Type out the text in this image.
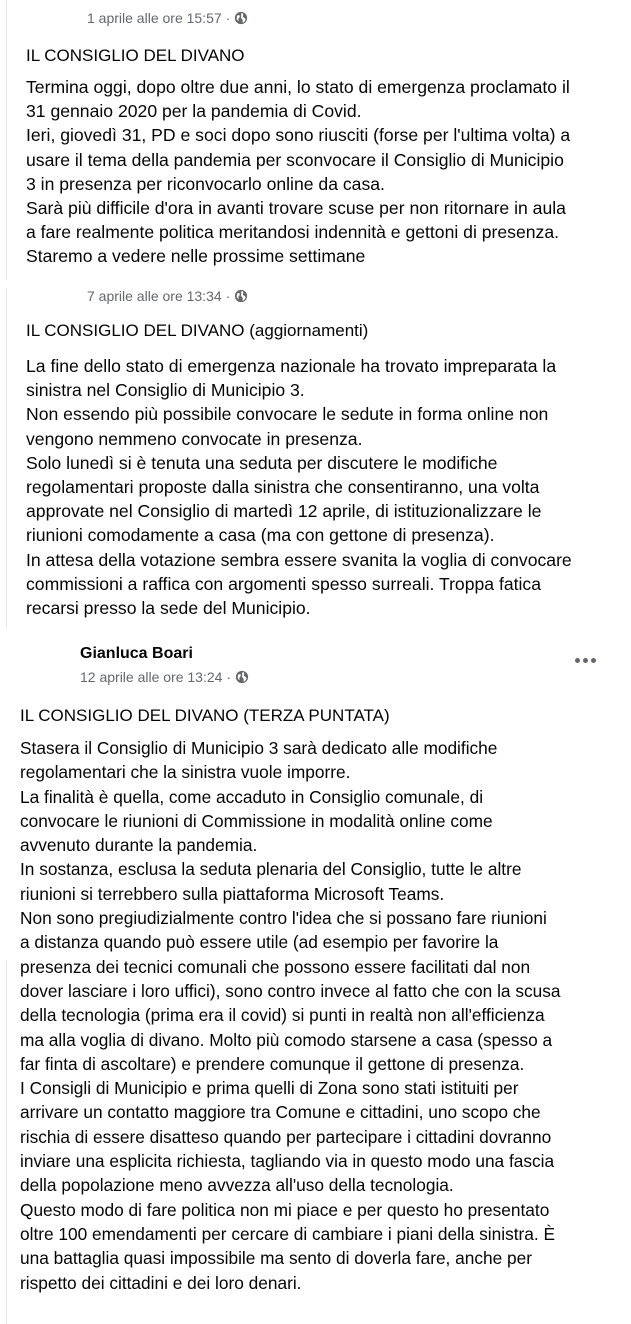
1 aprile alle ore 15:57 ·
IL CONSIGLIO DEL DIVANO
Termina oggi, dopo oltre due anni, lo stato di emergenza proclamato il
31 gennaio 2020 per la pandemia di Covid.
Ieri, giovedì 31, PD e soci dopo sono riusciti (forse per l'ultima volta) a
usare il tema della pandemia per sconvocare il Consiglio di Municipio
3 in presenza per riconvocarlo online da casa.
Sarà più difficile d'ora in avanti trovare scuse per non ritornare in aula
a fare realmente politica meritandosi indennità e gettoni di presenza.
Staremo a vedere nelle prossime settimane
7 aprile alle ore 13:34 ·
IL CONSIGLIO DEL DIVANO (aggiornamenti)
La fine dello stato di emergenza nazionale ha trovato impreparata la
sinistra nel Consiglio di Municipio 3.
Non essendo più possibile convocare le sedute in forma online non
vengono nemmeno convocate in presenza.
Solo lunedì si è tenuta una seduta per discutere le modifiche
regolamentari proposte dalla sinistra che consentiranno, una volta
approvate nel Consiglio di martedì 12 aprile, di istituzionalizzare le
riunioni comodamente a casa (ma con gettone di presenza).
In attesa della votazione sembra essere svanita la voglia di convocare
commissioni a raffica con argomenti spesso surreali. Troppa fatica
recarsi presso la sede del Municipio.
Gianluca Boari
12 aprile alle ore 13:24 ·
IL CONSIGLIO DEL DIVANO (TERZA PUNTATA)
Stasera il Consiglio di Municipio 3 sarà dedicato alle modifiche
regolamentari che la sinistra vuole imporre.
La finalità è quella, come accaduto in Consiglio comunale, di
convocare le riunioni di Commissione in modalità online come
avvenuto durante la pandemia.
In sostanza, esclusa la seduta plenaria del Consiglio, tutte le altre
riunioni si terrebbero sulla piattaforma Microsoft Teams.
Non sono pregiudizialmente contro l'idea che si possano fare riunioni
a distanza quando può essere utile (ad esempio per favorire la
presenza dei tecnici comunali che possono essere facilitati dal non
dover lasciare i loro uffici), sono contro invece al fatto che con la scusa
della tecnologia (prima era il covid) si punti in realtà non all'efficienza
ma alla voglia di divano. Molto più comodo starsene a casa (spesso a
far finta di ascoltare) e prendere comunque il gettone di presenza.
I Consigli di Municipio e prima quelli di Zona sono stati istituiti per
arrivare un contatto maggiore tra Comune e cittadini, uno scopo che
rischia di essere disatteso quando per partecipare i cittadini dovranno
inviare una esplicita richiesta, tagliando via in questo modo una fascia
della popolazione meno avvezza all'uso della tecnologia.
Questo modo di fare politica non mi piace e per questo ho presentato
oltre 100 emendamenti per cercare di cambiare i piani della sinistra. È
una battaglia quasi impossibile ma sento di doverla fare, anche per
rispetto dei cittadini e dei loro denari.
